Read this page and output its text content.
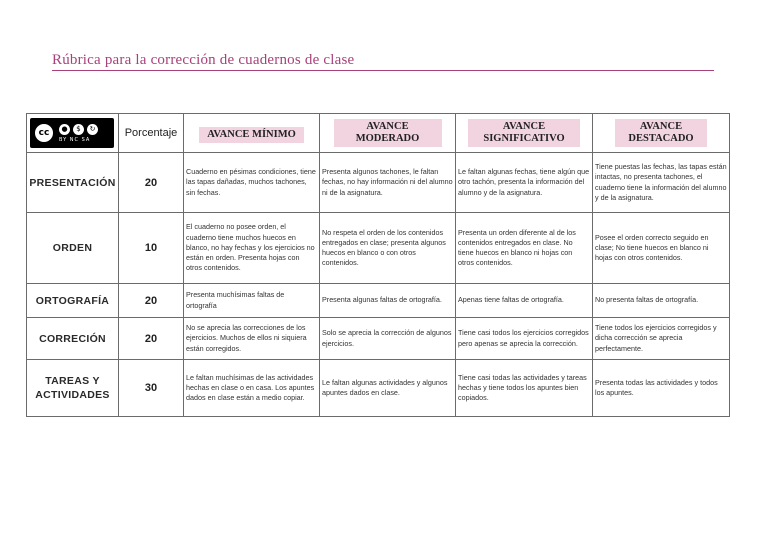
Rúbrica para la corrección de cuadernos de clase
cc ● $ ↻
BY NC SA	Porcentaje	AVANCE MÍNIMO	AVANCE MODERADO	AVANCE SIGNIFICATIVO	AVANCE DESTACADO
PRESENTACIÓN	20	Cuaderno en pésimas condiciones, tiene las tapas dañadas, muchos tachones, sin fechas.	Presenta algunos tachones, le faltan fechas, no hay información ni del alumno ni de la asignatura.	Le faltan algunas fechas, tiene algún que otro tachón, presenta la información del alumno y de la asignatura.	Tiene puestas las fechas, las tapas están intactas, no presenta tachones, el cuaderno tiene la información del alumno y de la asignatura.
ORDEN	10	El cuaderno no posee orden, el cuaderno tiene muchos huecos en blanco, no hay fechas y los ejercicios no están en orden. Presenta hojas con otros contenidos.	No respeta el orden de los contenidos entregados en clase; presenta algunos huecos en blanco o con otros contenidos.	Presenta un orden diferente al de los contenidos entregados en clase. No tiene huecos en blanco ni hojas con otros contenidos.	Posee el orden correcto seguido en clase; No tiene huecos en blanco ni hojas con otros contenidos.
ORTOGRAFÍA	20	Presenta muchísimas faltas de ortografía	Presenta algunas faltas de ortografía.	Apenas tiene faltas de ortografía.	No presenta faltas de ortografía.
CORRECIÓN	20	No se aprecia las correcciones de los ejercicios. Muchos de ellos ni siquiera están corregidos.	Solo se aprecia la corrección de algunos ejercicios.	Tiene casi todos los ejercicios corregidos pero apenas se aprecia la corrección.	Tiene todos los ejercicios corregidos y dicha corrección se aprecia perfectamente.
TAREAS Y ACTIVIDADES	30	Le faltan muchísimas de las actividades hechas en clase o en casa. Los apuntes dados en clase están a medio copiar.	Le faltan algunas actividades y algunos apuntes dados en clase.	Tiene casi todas las actividades y tareas hechas y tiene todos los apuntes bien copiados.	Presenta todas las actividades y todos los apuntes.
